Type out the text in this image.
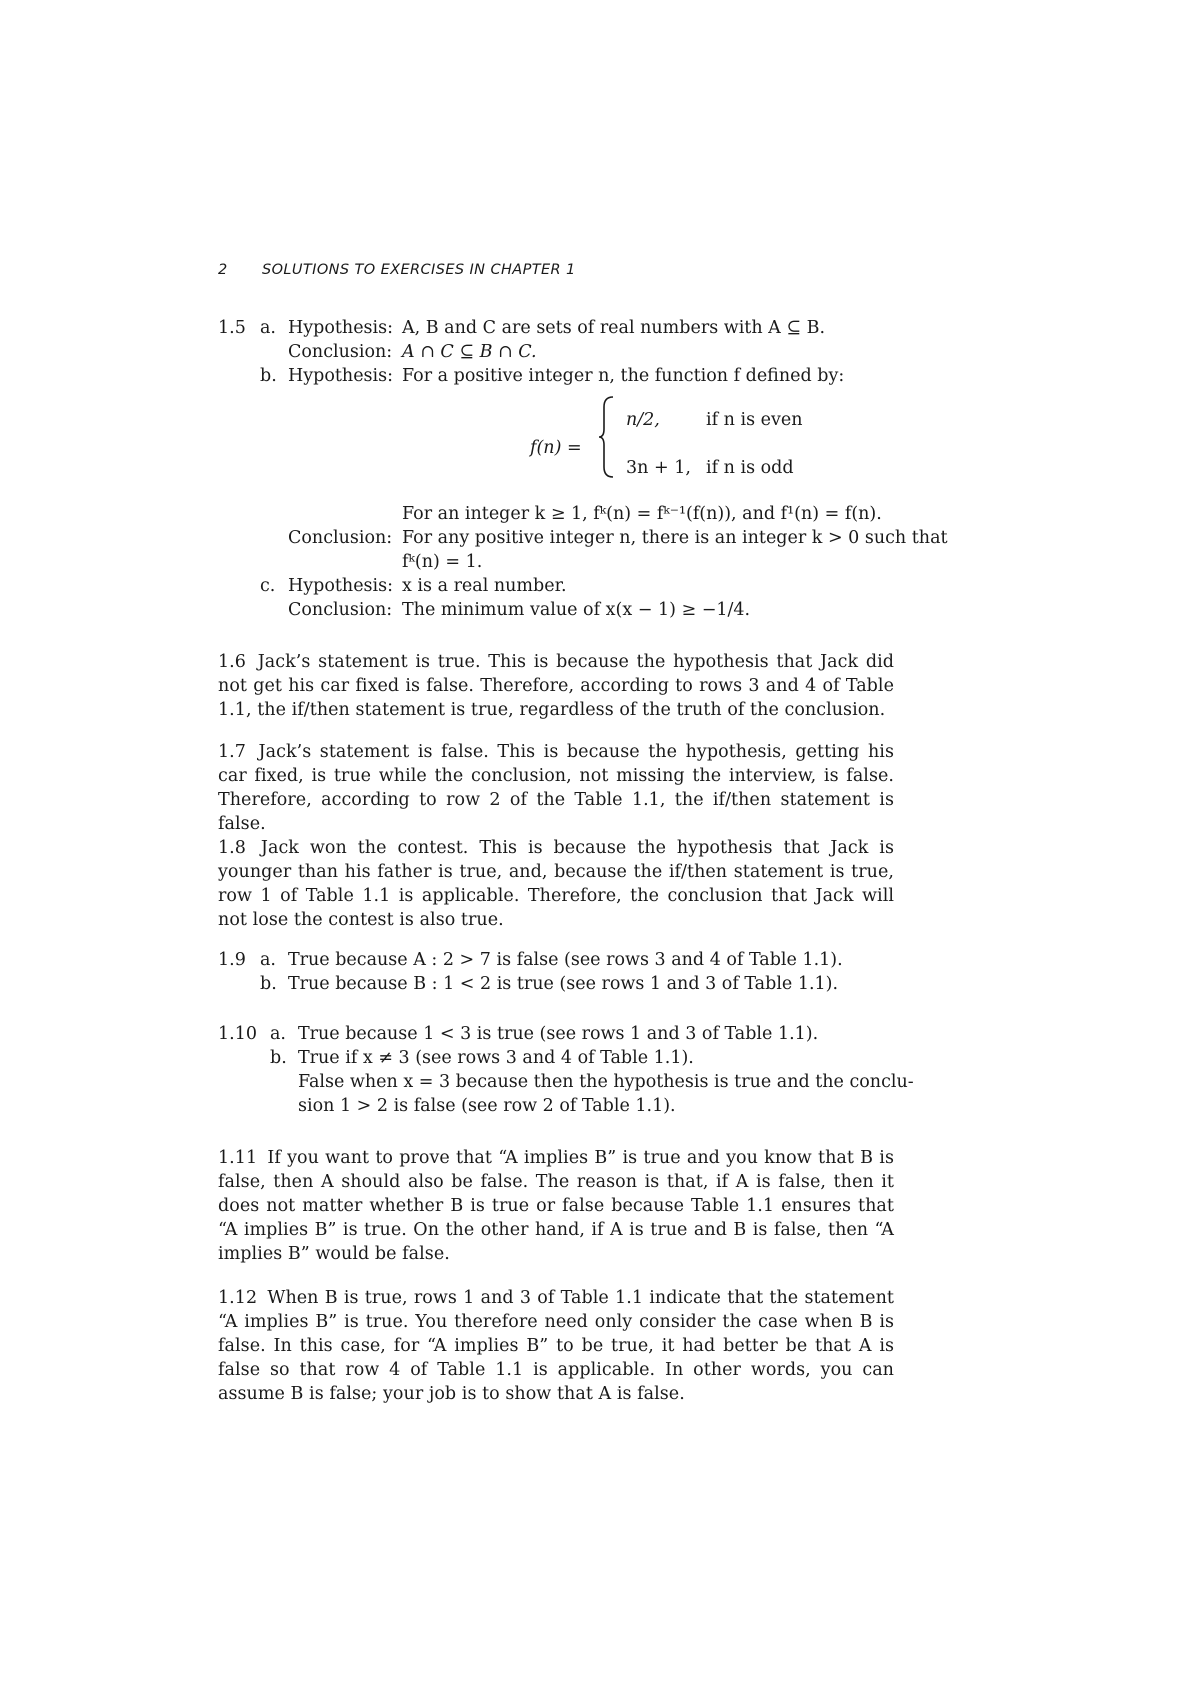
2 SOLUTIONS TO EXERCISES IN CHAPTER 1
1.5 a. Hypothesis: A, B and C are sets of real numbers with A ⊆ B.
Conclusion: A ∩ C ⊆ B ∩ C.
b. Hypothesis: For a positive integer n, the function f defined by:
f(n) =
n/2,	if n is even
3n + 1, if n is odd
For an integer k ≥ 1, fᵏ(n) = fᵏ⁻¹(f(n)), and f¹(n) = f(n).
Conclusion: For any positive integer n, there is an integer k > 0 such that
fᵏ(n) = 1.
c. Hypothesis: x is a real number.
Conclusion: The minimum value of x(x − 1) ≥ −1/4.
1.6 Jack’s statement is true. This is because the hypothesis that Jack did not get his car fixed is false. Therefore, according to rows 3 and 4 of Table 1.1, the if/then statement is true, regardless of the truth of the conclusion.
1.7 Jack’s statement is false. This is because the hypothesis, getting his car fixed, is true while the conclusion, not missing the interview, is false. Therefore, according to row 2 of the Table 1.1, the if/then statement is false.
1.8 Jack won the contest. This is because the hypothesis that Jack is younger than his father is true, and, because the if/then statement is true, row 1 of Table 1.1 is applicable. Therefore, the conclusion that Jack will not lose the contest is also true.
1.9 a. True because A : 2 > 7 is false (see rows 3 and 4 of Table 1.1).
b. True because B : 1 < 2 is true (see rows 1 and 3 of Table 1.1).
1.10 a. True because 1 < 3 is true (see rows 1 and 3 of Table 1.1).
b. True if x ≠ 3 (see rows 3 and 4 of Table 1.1).
False when x = 3 because then the hypothesis is true and the conclu-
sion 1 > 2 is false (see row 2 of Table 1.1).
1.11 If you want to prove that “A implies B” is true and you know that B is false, then A should also be false. The reason is that, if A is false, then it does not matter whether B is true or false because Table 1.1 ensures that “A implies B” is true. On the other hand, if A is true and B is false, then “A implies B” would be false.
1.12 When B is true, rows 1 and 3 of Table 1.1 indicate that the statement “A implies B” is true. You therefore need only consider the case when B is false. In this case, for “A implies B” to be true, it had better be that A is false so that row 4 of Table 1.1 is applicable. In other words, you can assume B is false; your job is to show that A is false.
